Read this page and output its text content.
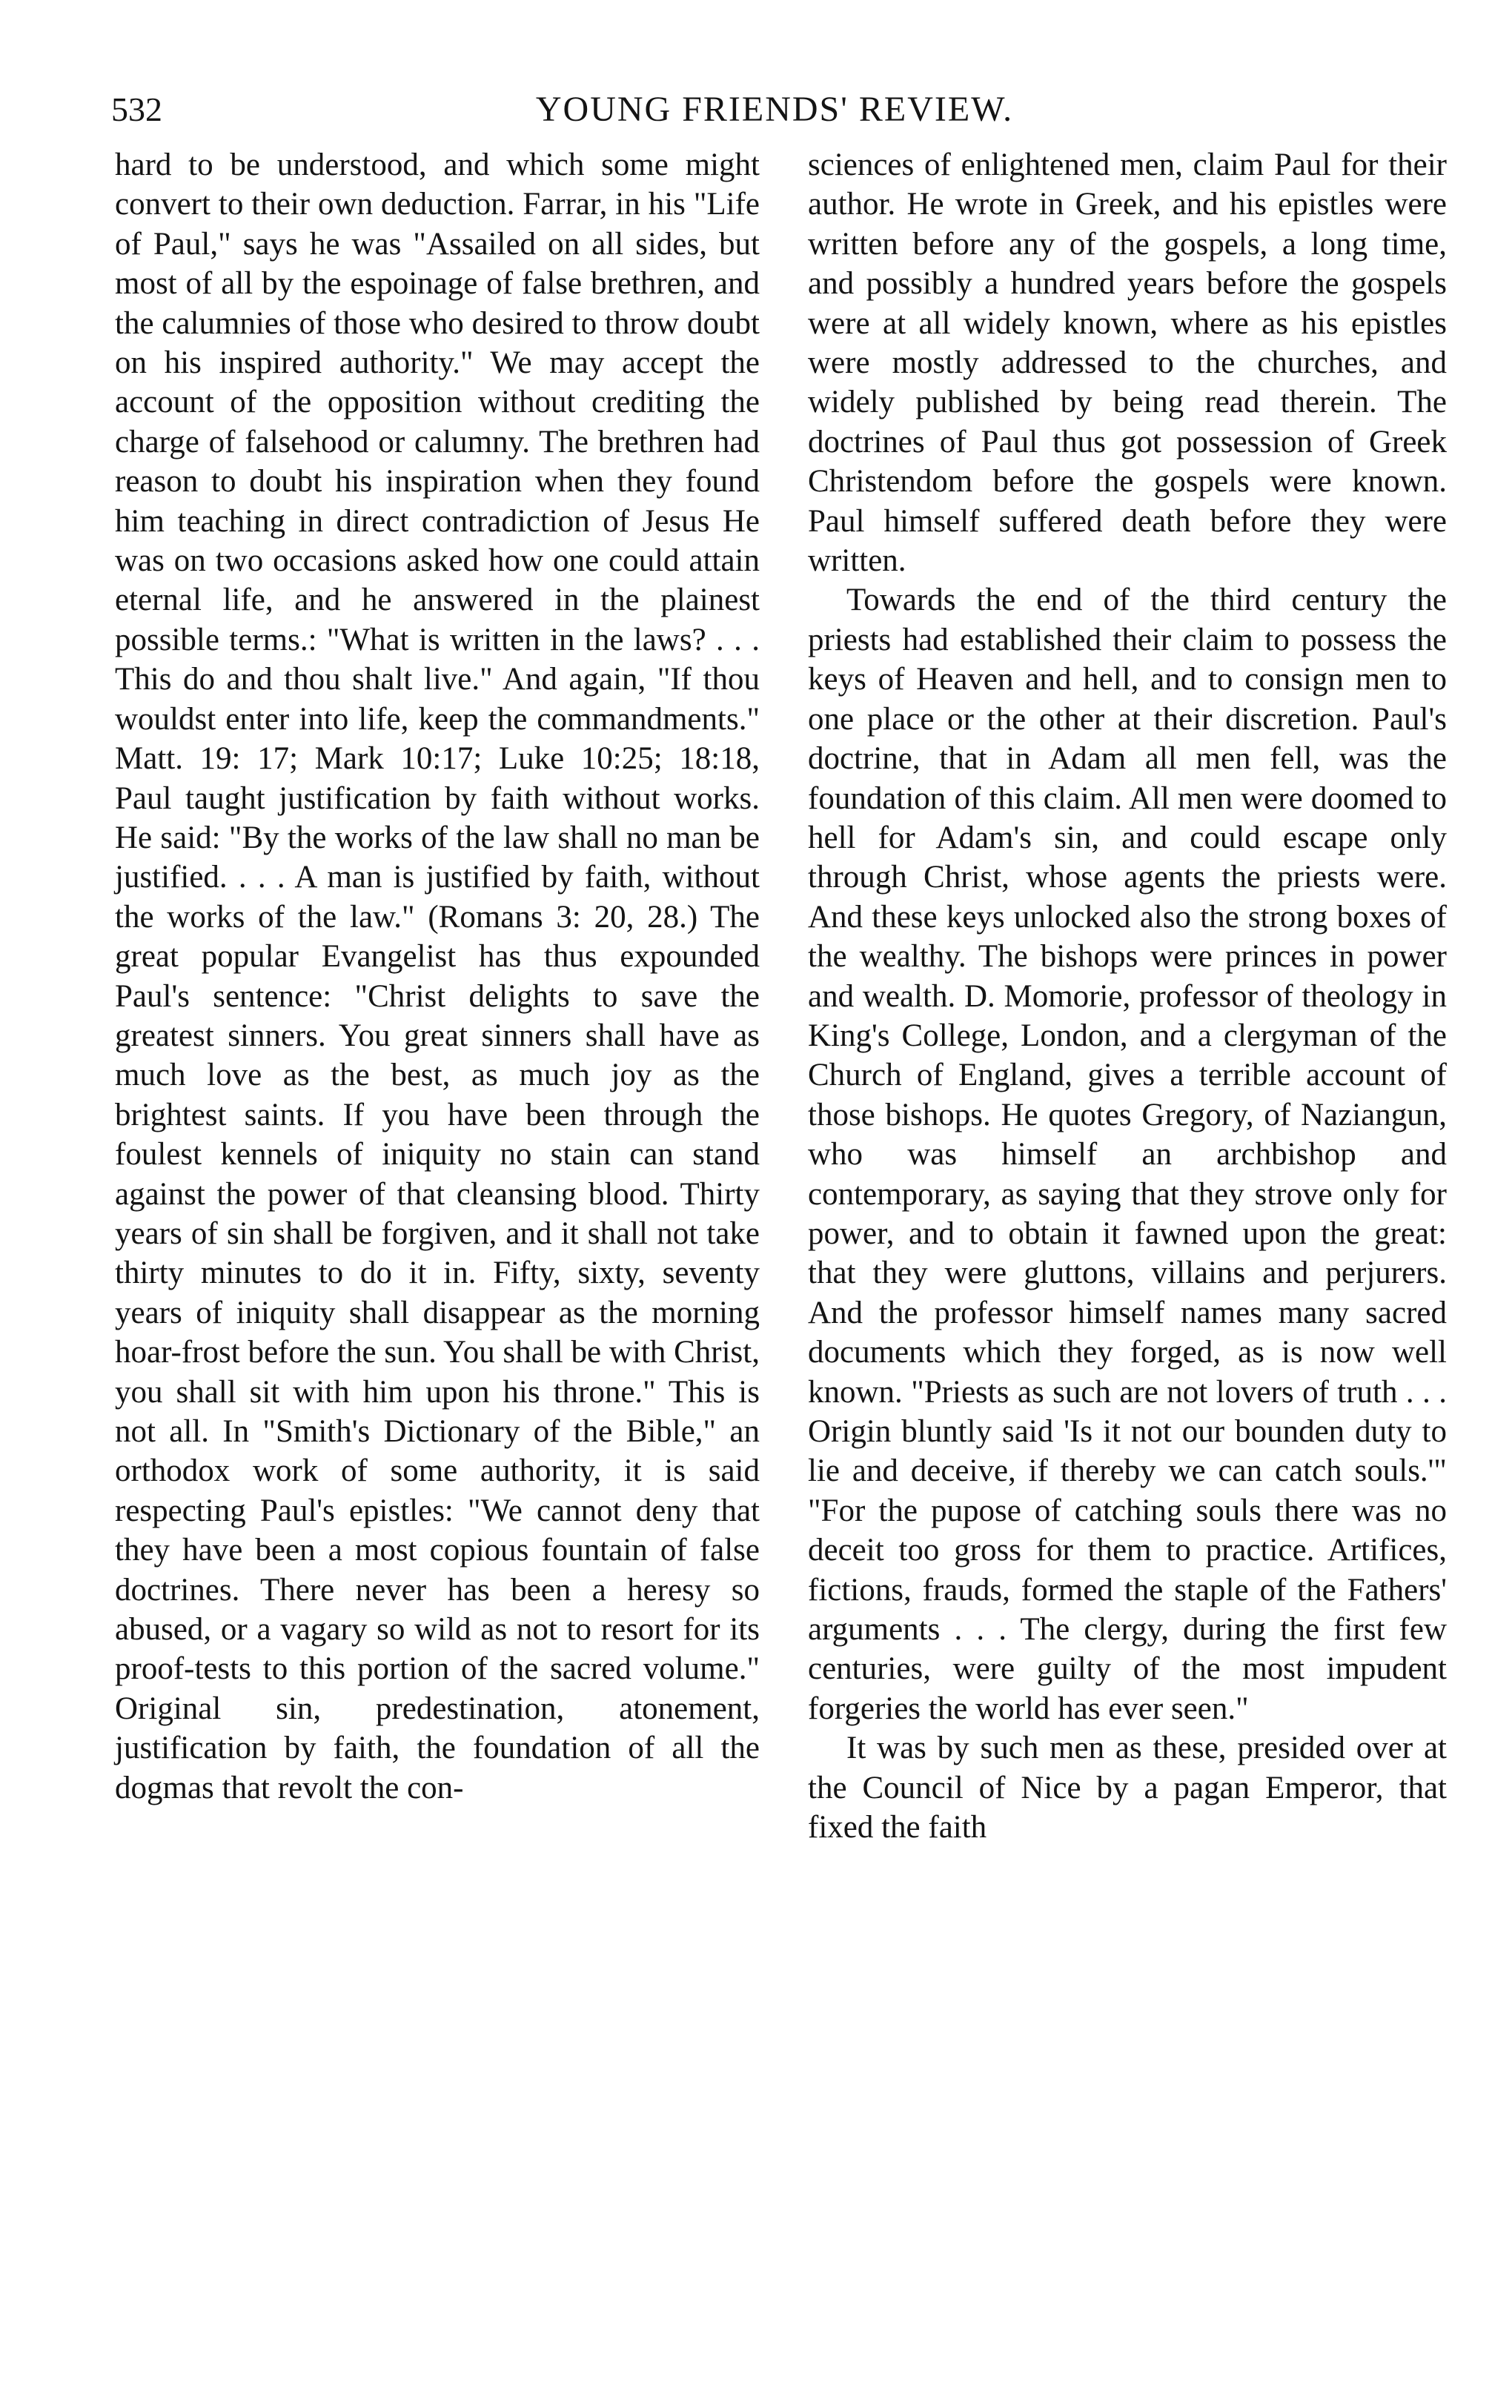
532	YOUNG FRIENDS' REVIEW.

hard to be understood, and which some might convert to their own deduction. Farrar, in his "Life of Paul," says he was "Assailed on all sides, but most of all by the espoinage of false brethren, and the calumnies of those who desired to throw doubt on his inspired authority." We may accept the account of the opposition without crediting the charge of falsehood or calumny. The brethren had reason to doubt his inspiration when they found him teaching in direct contradiction of Jesus He was on two occasions asked how one could attain eternal life, and he answered in the plainest possible terms.: "What is written in the laws? . . . This do and thou shalt live." And again, "If thou wouldst enter into life, keep the commandments." Matt. 19: 17; Mark 10:17; Luke 10:25; 18:18, Paul taught justification by faith without works. He said: "By the works of the law shall no man be justified. . . . A man is justified by faith, without the works of the law." (Romans 3: 20, 28.) The great popular Evangelist has thus expounded Paul's sentence: "Christ delights to save the greatest sinners. You great sinners shall have as much love as the best, as much joy as the brightest saints. If you have been through the foulest kennels of iniquity no stain can stand against the power of that cleansing blood. Thirty years of sin shall be forgiven, and it shall not take thirty minutes to do it in. Fifty, sixty, seventy years of iniquity shall disappear as the morning hoar-frost before the sun. You shall be with Christ, you shall sit with him upon his throne." This is not all. In "Smith's Dictionary of the Bible," an orthodox work of some authority, it is said respecting Paul's epistles: "We cannot deny that they have been a most copious fountain of false doctrines. There never has been a heresy so abused, or a vagary so wild as not to resort for its proof-tests to this portion of the sacred volume." Original sin, predestination, atonement, justification by faith, the foundation of all the dogmas that revolt the con-

sciences of enlightened men, claim Paul for their author. He wrote in Greek, and his epistles were written before any of the gospels, a long time, and possibly a hundred years before the gospels were at all widely known, where as his epistles were mostly addressed to the churches, and widely published by being read therein. The doctrines of Paul thus got possession of Greek Christendom before the gospels were known. Paul himself suffered death before they were written.

Towards the end of the third century the priests had established their claim to possess the keys of Heaven and hell, and to consign men to one place or the other at their discretion. Paul's doctrine, that in Adam all men fell, was the foundation of this claim. All men were doomed to hell for Adam's sin, and could escape only through Christ, whose agents the priests were. And these keys unlocked also the strong boxes of the wealthy. The bishops were princes in power and wealth. D. Momorie, professor of theology in King's College, London, and a clergyman of the Church of England, gives a terrible account of those bishops. He quotes Gregory, of Naziangun, who was himself an archbishop and contemporary, as saying that they strove only for power, and to obtain it fawned upon the great: that they were gluttons, villains and perjurers. And the professor himself names many sacred documents which they forged, as is now well known. "Priests as such are not lovers of truth . . . Origin bluntly said 'Is it not our bounden duty to lie and deceive, if thereby we can catch souls.'" "For the pupose of catching souls there was no deceit too gross for them to practice. Artifices, fictions, frauds, formed the staple of the Fathers' arguments . . . The clergy, during the first few centuries, were guilty of the most impudent forgeries the world has ever seen."

It was by such men as these, presided over at the Council of Nice by a pagan Emperor, that fixed the faith
